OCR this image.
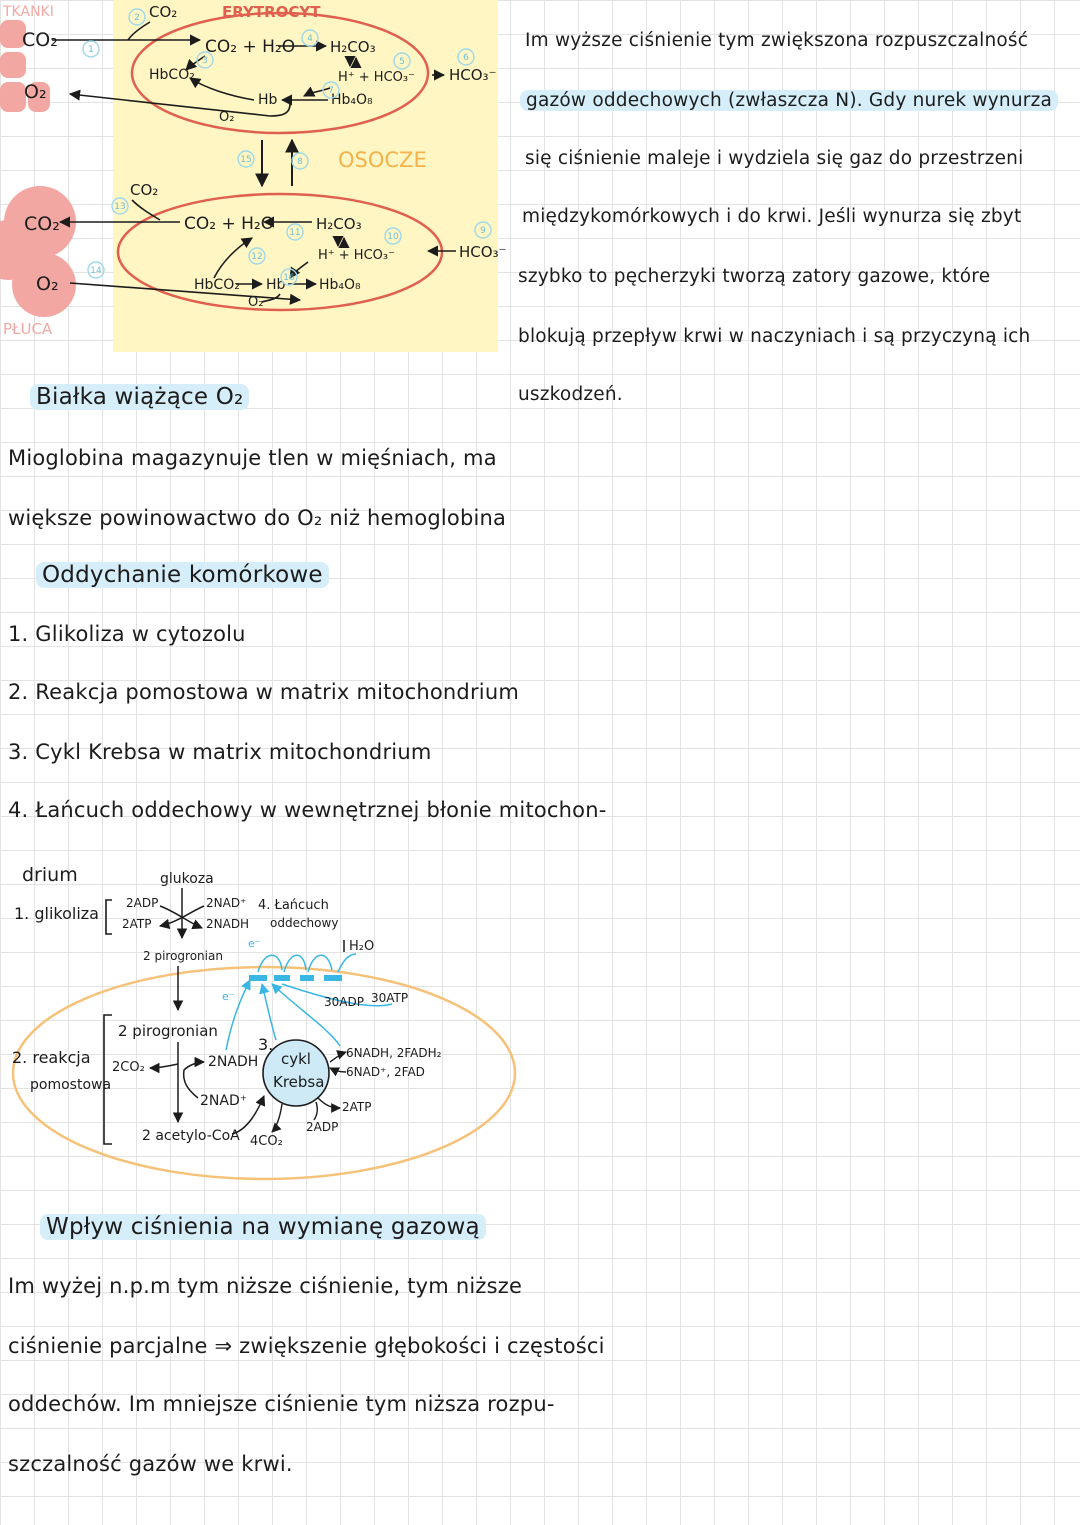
TKANKI
PŁUCA
ERYTROCYT
OSOCZE
CO₂
O₂
CO₂
CO₂ + H₂O H₂CO₃
H⁺ + HCO₃⁻ HCO₃⁻
HbCO₂
Hb	Hb₄O₈
O₂
CO₂
O₂
CO₂
CO₂ + H₂O	H₂CO₃
H⁺ + HCO₃⁻	HCO₃⁻
HbCO₂ Hb Hb₄O₈
O₂
1
2
3
4
5	6
7
8
9
10
11
12
13
14
15
16
drium	glukoza
1. glikoliza
2ADP
2ATP
2NAD⁺
2NADH
4. Łańcuch
oddechowy
H₂O
2 pirogronian
e⁻
e⁻	30ADP 30ATP
2 pirogronian
2. reakcja
pomostowa
2CO₂	2NADH
2NAD⁺
2 acetylo-CoA
3.
cykl
Krebsa
6NADH, 2FADH₂
6NAD⁺, 2FAD
2ATP
2ADP
4CO₂

Im wyższe ciśnienie tym zwiększona rozpuszczalność

gazów oddechowych (zwłaszcza N). Gdy nurek wynurza

się ciśnienie maleje i wydziela się gaz do przestrzeni

międzykomórkowych i do krwi. Jeśli wynurza się zbyt

szybko to pęcherzyki tworzą zatory gazowe, które

blokują przepływ krwi w naczyniach i są przyczyną ich

uszkodzeń.

Białka wiążące O₂

Mioglobina magazynuje tlen w mięśniach, ma

większe powinowactwo do O₂ niż hemoglobina

Oddychanie komórkowe

1. Glikoliza w cytozolu

2. Reakcja pomostowa w matrix mitochondrium

3. Cykl Krebsa w matrix mitochondrium

4. Łańcuch oddechowy w wewnętrznej błonie mitochon-

Wpływ ciśnienia na wymianę gazową

Im wyżej n.p.m tym niższe ciśnienie, tym niższe

ciśnienie parcjalne ⇒ zwiększenie głębokości i częstości

oddechów. Im mniejsze ciśnienie tym niższa rozpu-

szczalność gazów we krwi.
